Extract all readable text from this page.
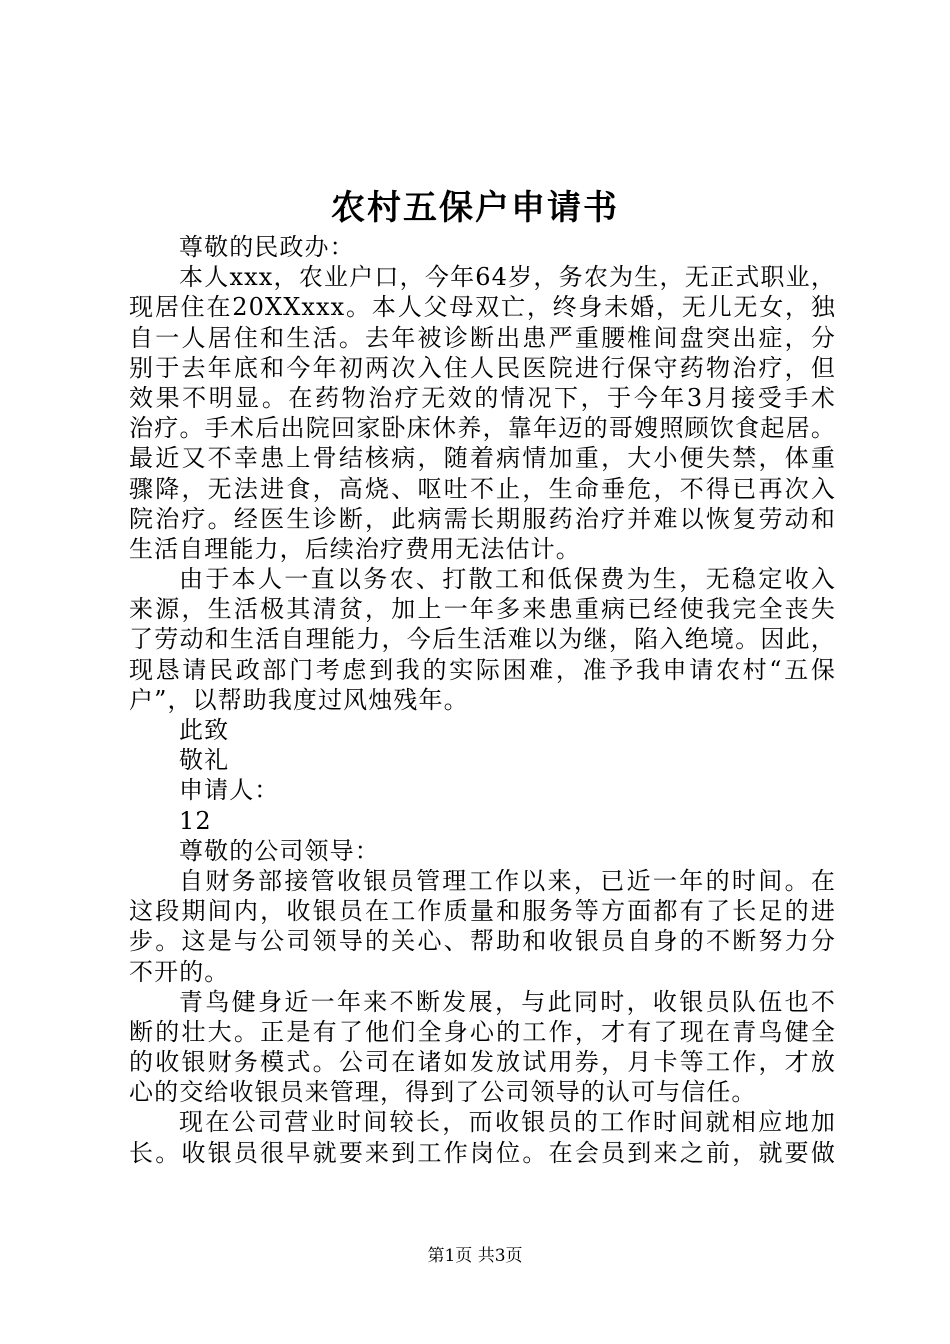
农村五保户申请书

尊敬的民政办：

本人xxx，农业户口，今年64岁，务农为生，无正式职业，

现居住在20XXxxx。本人父母双亡，终身未婚，无儿无女，独

自一人居住和生活。去年被诊断出患严重腰椎间盘突出症，分

别于去年底和今年初两次入住人民医院进行保守药物治疗，但

效果不明显。在药物治疗无效的情况下，于今年3月接受手术

治疗。手术后出院回家卧床休养，靠年迈的哥嫂照顾饮食起居。

最近又不幸患上骨结核病，随着病情加重，大小便失禁，体重

骤降，无法进食，高烧、呕吐不止，生命垂危，不得已再次入

院治疗。经医生诊断，此病需长期服药治疗并难以恢复劳动和

生活自理能力，后续治疗费用无法估计。

由于本人一直以务农、打散工和低保费为生，无稳定收入

来源，生活极其清贫，加上一年多来患重病已经使我完全丧失

了劳动和生活自理能力，今后生活难以为继，陷入绝境。因此，

现恳请民政部门考虑到我的实际困难，准予我申请农村“五保

户”，以帮助我度过风烛残年。

此致

敬礼

申请人：

12

尊敬的公司领导：

自财务部接管收银员管理工作以来，已近一年的时间。在

这段期间内，收银员在工作质量和服务等方面都有了长足的进

步。这是与公司领导的关心、帮助和收银员自身的不断努力分

不开的。

青鸟健身近一年来不断发展，与此同时，收银员队伍也不

断的壮大。正是有了他们全身心的工作，才有了现在青鸟健全

的收银财务模式。公司在诸如发放试用券，月卡等工作，才放

心的交给收银员来管理，得到了公司领导的认可与信任。

现在公司营业时间较长，而收银员的工作时间就相应地加

长。收银员很早就要来到工作岗位。在会员到来之前，就要做

第1页 共3页
